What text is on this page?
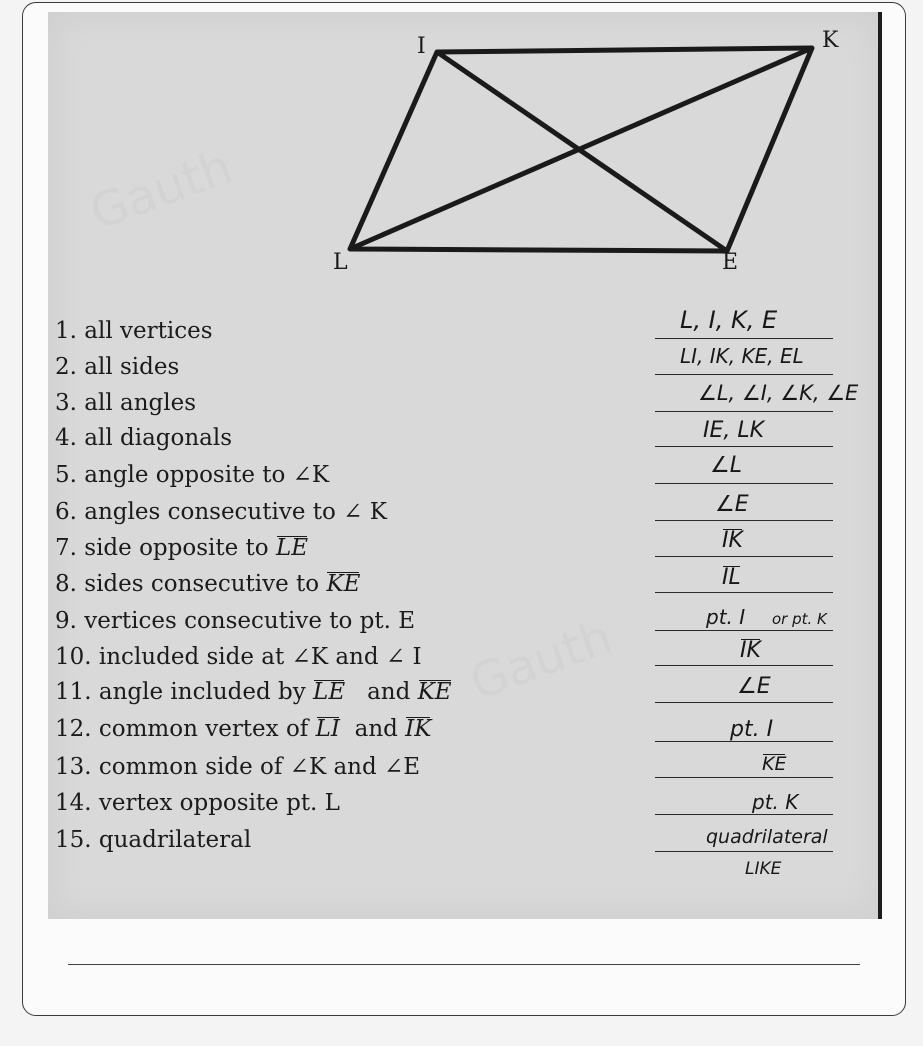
Gauth
Gauth
I	K
L	E
1. all vertices
2. all sides
3. all angles
4. all diagonals
5. angle opposite to ∠K
6. angles consecutive to ∠ K
7. side opposite to LE
8. sides consecutive to KE
9. vertices consecutive to pt. E
10. included side at ∠K and ∠ I
11. angle included by LE and KE
12. common vertex of LI and IK
13. common side of ∠K and ∠E
14. vertex opposite pt. L
15. quadrilateral
L, I, K, E
LI, IK, KE, EL
∠L, ∠I, ∠K, ∠E
IE, LK
∠L
∠E
IK
IL
pt. I or pt. K
IK
∠E
pt. I
KE
pt. K
quadrilateral
LIKE
